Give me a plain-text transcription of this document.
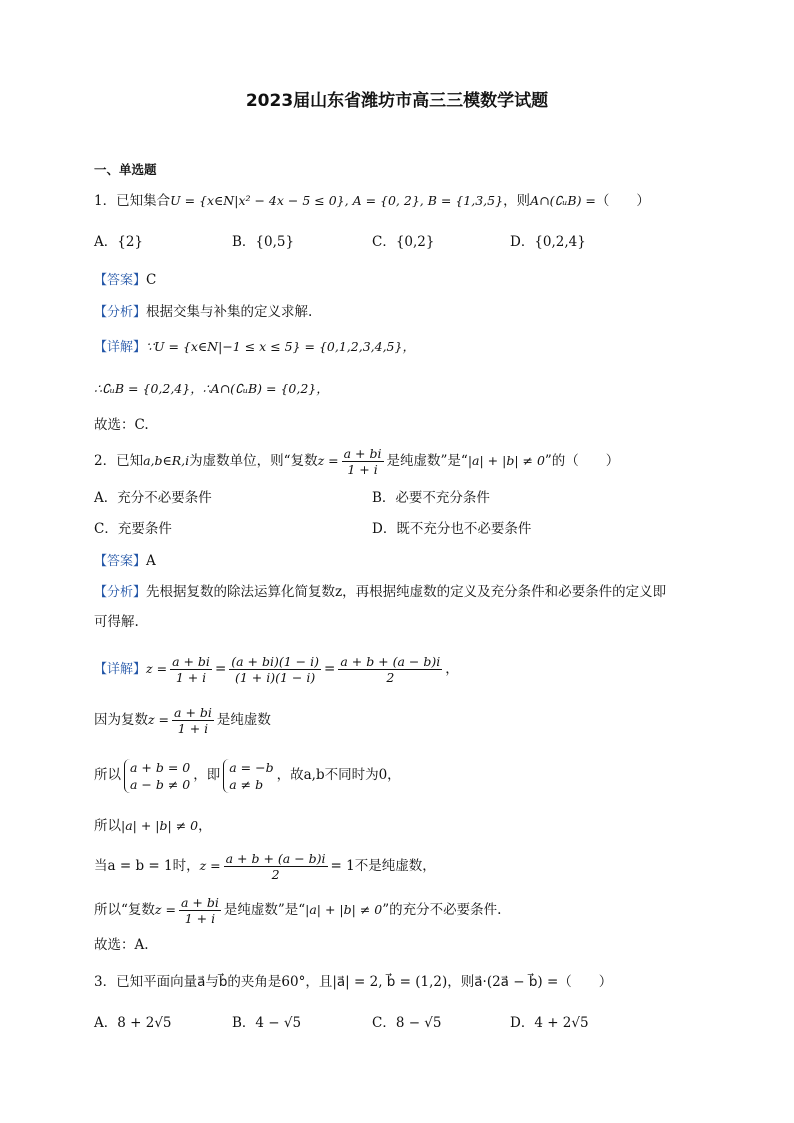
2023届山东省潍坊市高三三模数学试题
一、单选题
1．已知集合U = {x∈N|x² − 4x − 5 ≤ 0}, A = {0, 2}, B = {1,3,5}，则A∩(∁ᵤB) =（　　）
A．{2}	B．{0,5}	C．{0,2}	D．{0,2,4}
【答案】C
【分析】根据交集与补集的定义求解.
【详解】∵U = {x∈N|−1 ≤ x ≤ 5} = {0,1,2,3,4,5}，
∴∁ᵤB = {0,2,4}，∴A∩(∁ᵤB) = {0,2}，
故选：C.
2．已知a,b∈R,i为虚数单位，则“复数$z = \frac{a + bi}{1 + i}$ 是纯虚数”是“|a| + |b| ≠ 0”的（　　）
A．充分不必要条件	B．必要不充分条件
C．充要条件	D．既不充分也不必要条件
【答案】A
【分析】先根据复数的除法运算化简复数z，再根据纯虚数的定义及充分条件和必要条件的定义即
可得解.
【详解】$z = \frac{a + bi}{1 + i} = \frac{(a + bi)(1 - i)}{(1 + i)(1 - i)} = \frac{a + b + (a - b)i}{2}$ ，
因为复数$z = \frac{a + bi}{1 + i}$ 是纯虚数
所以 a + b = 0
a − b ≠ 0
，即 a = −b
a ≠ b
，故a,b不同时为0，
所以|a| + |b| ≠ 0，
当a = b = 1时，$z = \frac{a + b + (a - b)i}{2} = 1$不是纯虚数，
所以“复数$z = \frac{a + bi}{1 + i}$ 是纯虚数”是“|a| + |b| ≠ 0”的充分不必要条件.
故选：A.
3．已知平面向量a⃗与b⃗的夹角是60°，且|a⃗| = 2, b⃗ = (1,2)，则a⃗·(2a⃗ − b⃗) =（　　）
A．8 + 2√5	B．4 − √5	C．8 − √5	D．4 + 2√5
